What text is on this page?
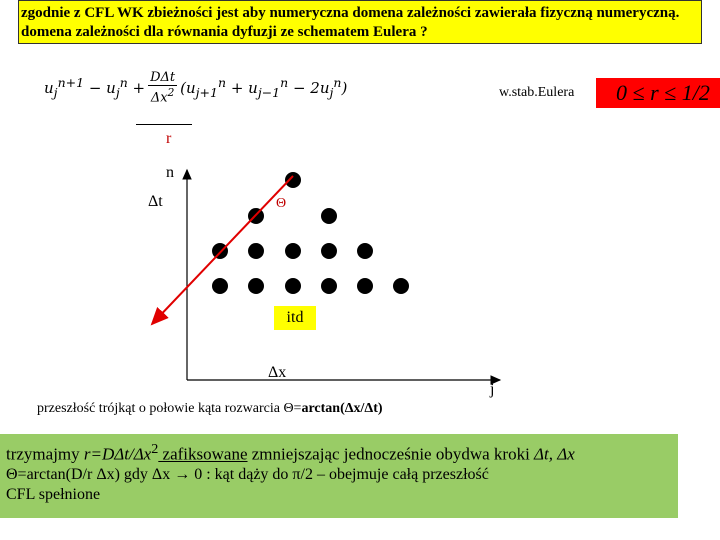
zgodnie z CFL WK zbieżności jest aby numeryczna domena zależności zawierała fizyczną numeryczną. domena zależności dla równania dyfuzji ze schematem Eulera ?
$u_j^{n+1} - u_j^n + \frac{\text{DΔt}}{\Delta x^2} (u_{j+1}^n + u_{j-1}^n - 2u_j^n)$	w.stab.Eulera	0 ≤ r ≤ 1/2
r
n
Δt	Θ
itd
Δx
j
przeszłość trójkąt o połowie kąta rozwarcia Θ=arctan(Δx/Δt)
trzymajmy $r=D\Delta t/\Delta x^2$ zafiksowane zmniejszając jednocześnie obydwa kroki Δt, Δx
Θ=arctan(D/r Δx) gdy Δx → 0 : kąt dąży do π/2 – obejmuje całą przeszłość
CFL spełnione
